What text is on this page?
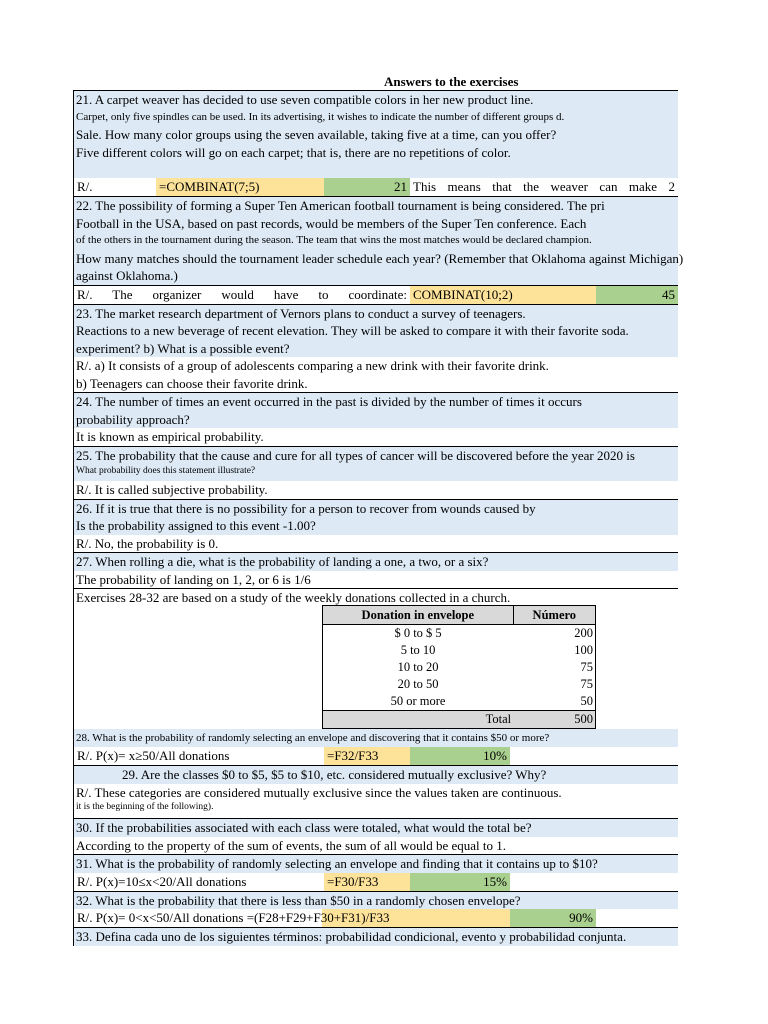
Answers to the exercises
21. A carpet weaver has decided to use seven compatible colors in her new product line.
Carpet, only five spindles can be used. In its advertising, it wishes to indicate the number of different groups d.
Sale. How many color groups using the seven available, taking five at a time, can you offer?
Five different colors will go on each carpet; that is, there are no repetitions of color.
R/.	=COMBINAT(7;5)	21 This means that the weaver can make 2
22. The possibility of forming a Super Ten American football tournament is being considered. The pri
Football in the USA, based on past records, would be members of the Super Ten conference. Each
of the others in the tournament during the season. The team that wins the most matches would be declared champion.
How many matches should the tournament leader schedule each year? (Remember that Oklahoma against Michigan)
against Oklahoma.)
R/. The organizer would have to coordinate: COMBINAT(10;2)	45
23. The market research department of Vernors plans to conduct a survey of teenagers.
Reactions to a new beverage of recent elevation. They will be asked to compare it with their favorite soda.
experiment? b) What is a possible event?
R/. a) It consists of a group of adolescents comparing a new drink with their favorite drink.
b) Teenagers can choose their favorite drink.
24. The number of times an event occurred in the past is divided by the number of times it occurs
probability approach?
It is known as empirical probability.
25. The probability that the cause and cure for all types of cancer will be discovered before the year 2020 is
What probability does this statement illustrate?
R/. It is called subjective probability.
26. If it is true that there is no possibility for a person to recover from wounds caused by
Is the probability assigned to this event -1.00?
R/. No, the probability is 0.
27. When rolling a die, what is the probability of landing a one, a two, or a six?
The probability of landing on 1, 2, or 6 is 1/6
Exercises 28-32 are based on a study of the weekly donations collected in a church.
Donation in envelope	Número
$ 0 to $ 5	200
5 to 10	100
10 to 20	75
20 to 50	75
50 or more	50
Total	500
28. What is the probability of randomly selecting an envelope and discovering that it contains $50 or more?
R/. P(x)= x≥50/All donations	=F32/F33	10%
29. Are the classes $0 to $5, $5 to $10, etc. considered mutually exclusive? Why?
R/. These categories are considered mutually exclusive since the values taken are continuous.
it is the beginning of the following).
30. If the probabilities associated with each class were totaled, what would the total be?
According to the property of the sum of events, the sum of all would be equal to 1.
31. What is the probability of randomly selecting an envelope and finding that it contains up to $10?
R/. P(x)=10≤x<20/All donations	=F30/F33	15%
32. What is the probability that there is less than $50 in a randomly chosen envelope?
R/. P(x)= 0<x<50/All donations =(F28+F29+F30+F31)/F33	90%
33. Defina cada uno de los siguientes términos: probabilidad condicional, evento y probabilidad conjunta.
